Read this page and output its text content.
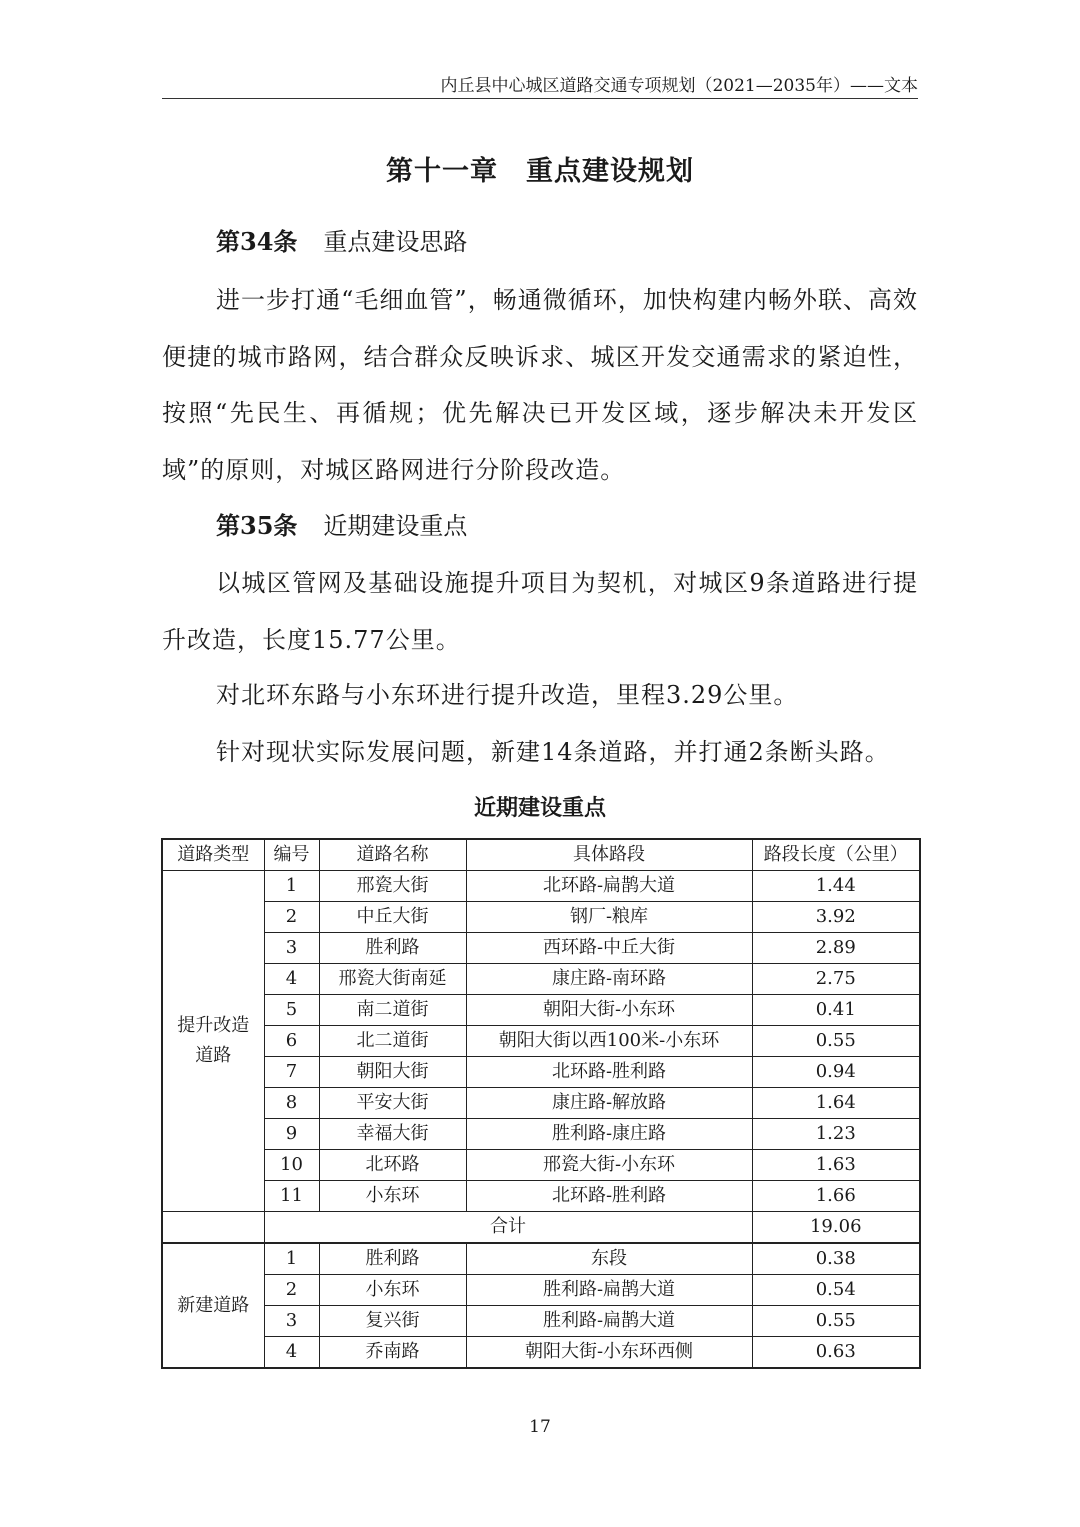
内丘县中心城区道路交通专项规划（2021—2035年）——文本
第十一章 重点建设规划
第34条 重点建设思路

进一步打通“毛细血管”，畅通微循环，加快构建内畅外联、高效便捷的城市路网，结合群众反映诉求、城区开发交通需求的紧迫性，按照“先民生、再循规；优先解决已开发区域，逐步解决未开发区域”的原则，对城区路网进行分阶段改造。

第35条 近期建设重点

以城区管网及基础设施提升项目为契机，对城区9条道路进行提升改造，长度15.77公里。

对北环东路与小东环进行提升改造，里程3.29公里。

针对现状实际发展问题，新建14条道路，并打通2条断头路。

近期建设重点
道路类型	编号	道路名称	具体路段	路段长度（公里）
提升改造道路	1	邢瓷大街	北环路-扁鹊大道	1.44
	2	中丘大街	钢厂-粮库	3.92
	3	胜利路	西环路-中丘大街	2.89
	4	邢瓷大街南延	康庄路-南环路	2.75
	5	南二道街	朝阳大街-小东环	0.41
	6	北二道街	朝阳大街以西100米-小东环	0.55
	7	朝阳大街	北环路-胜利路	0.94
	8	平安大街	康庄路-解放路	1.64
	9	幸福大街	胜利路-康庄路	1.23
	10	北环路	邢瓷大街-小东环	1.63
	11	小东环	北环路-胜利路	1.66
	合计			19.06
新建道路	1	胜利路	东段	0.38
	2	小东环	胜利路-扁鹊大道	0.54
	3	复兴街	胜利路-扁鹊大道	0.55
	4	乔南路	朝阳大街-小东环西侧	0.63
17
